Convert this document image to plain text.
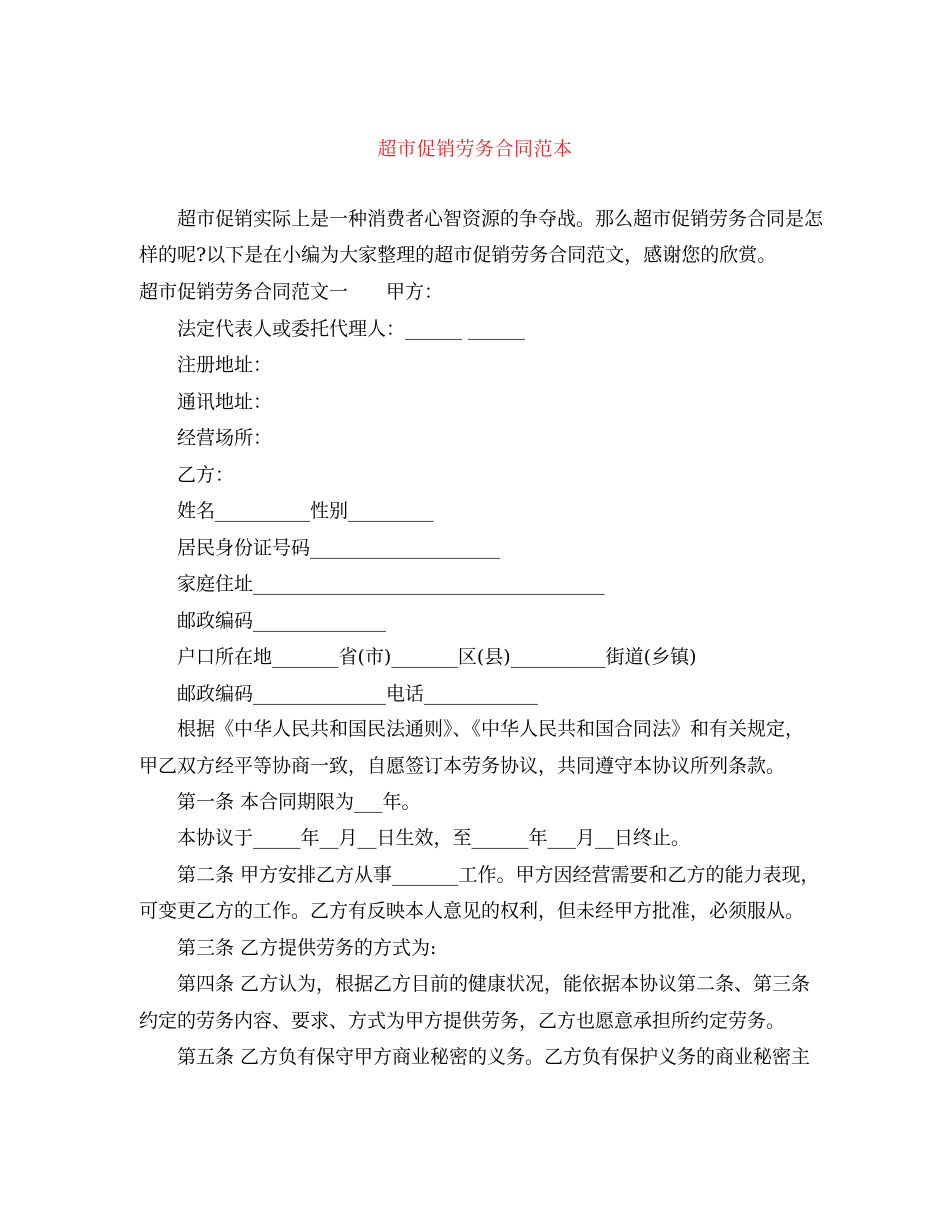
超市促销劳务合同范本
超市促销实际上是一种消费者心智资源的争夺战。那么超市促销劳务合同是怎
样的呢?以下是在小编为大家整理的超市促销劳务合同范文，感谢您的欣赏。
超市促销劳务合同范文一　　甲方：
法定代表人或委托代理人：______ ______
注册地址：
通讯地址：
经营场所：
乙方：
姓名__________性别_________
居民身份证号码____________________
家庭住址_____________________________________
邮政编码______________
户口所在地_______省(市)_______区(县)__________街道(乡镇)
邮政编码______________电话____________
根据《中华人民共和国民法通则》、《中华人民共和国合同法》和有关规定，
甲乙双方经平等协商一致，自愿签订本劳务协议，共同遵守本协议所列条款。
第一条 本合同期限为___年。
本协议于_____年__月__日生效，至______年___月__日终止。
第二条 甲方安排乙方从事_______工作。甲方因经营需要和乙方的能力表现，
可变更乙方的工作。乙方有反映本人意见的权利，但未经甲方批准，必须服从。
第三条 乙方提供劳务的方式为:
第四条 乙方认为，根据乙方目前的健康状况，能依据本协议第二条、第三条
约定的劳务内容、要求、方式为甲方提供劳务，乙方也愿意承担所约定劳务。
第五条 乙方负有保守甲方商业秘密的义务。乙方负有保护义务的商业秘密主
